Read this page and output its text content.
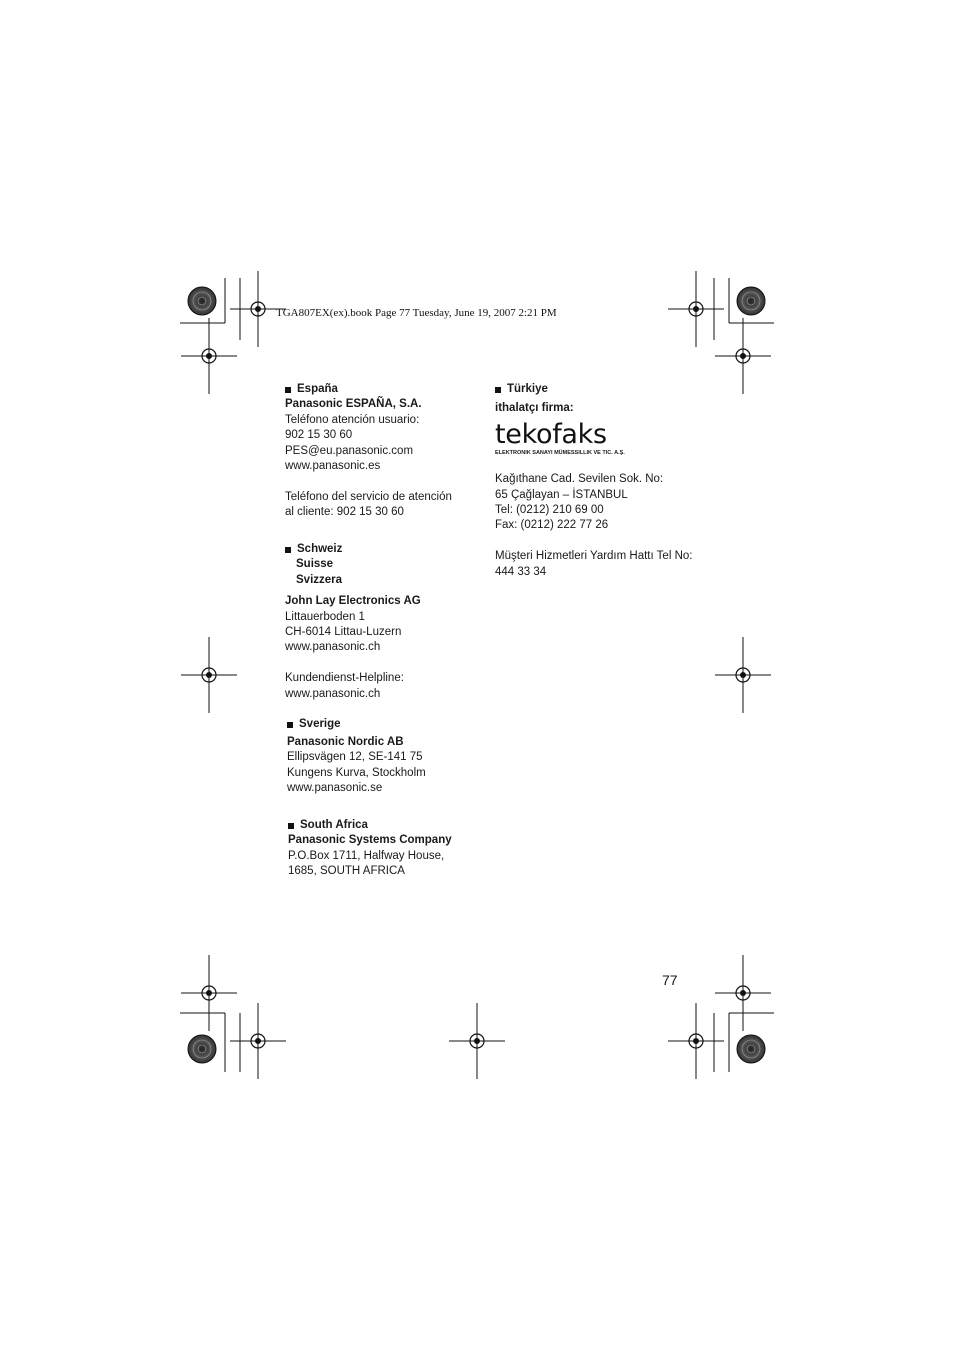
TGA807EX(ex).book Page 77 Tuesday, June 19, 2007 2:21 PM
España
Panasonic ESPAÑA, S.A.
Teléfono atención usuario:
902 15 30 60
PES@eu.panasonic.com
www.panasonic.es
Teléfono del servicio de atención
al cliente: 902 15 30 60
Schweiz
Suisse
Svizzera
John Lay Electronics AG
Littauerboden 1
CH-6014 Littau-Luzern
www.panasonic.ch
Kundendienst-Helpline:
www.panasonic.ch
Sverige
Panasonic Nordic AB
Ellipsvägen 12, SE-141 75
Kungens Kurva, Stockholm
www.panasonic.se
South Africa
Panasonic Systems Company
P.O.Box 1711, Halfway House,
1685, SOUTH AFRICA
Türkiye
ithalatçı firma:
tekofaks
ELEKTRONIK SANAYI MÜMESSILLIK VE TIC. A.Ş.
Kağıthane Cad. Sevilen Sok. No:
65 Çağlayan – İSTANBUL
Tel: (0212) 210 69 00
Fax: (0212) 222 77 26
Müşteri Hizmetleri Yardım Hattı Tel No:
444 33 34
77
